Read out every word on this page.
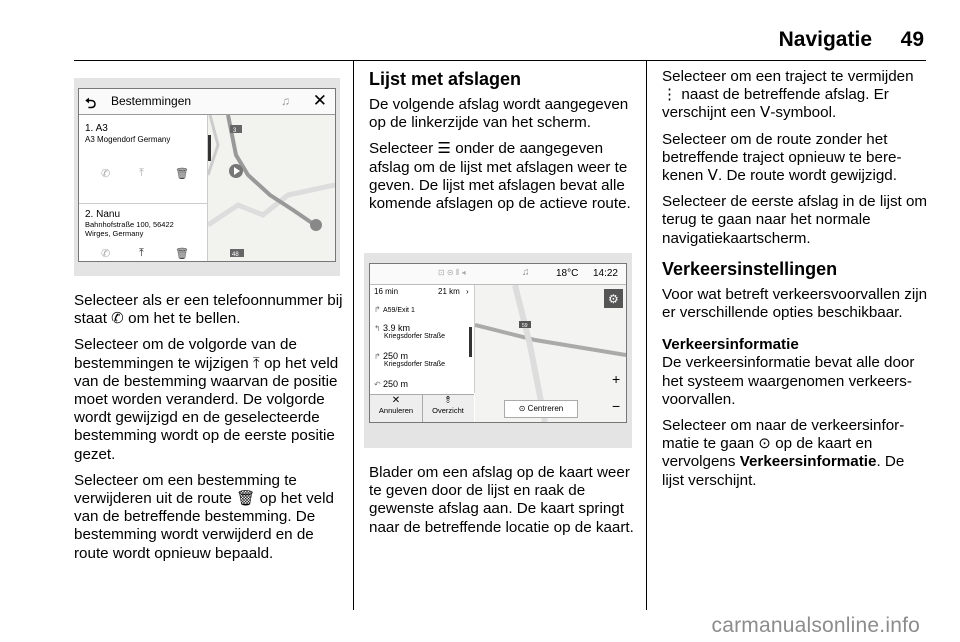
Navigatie 49
⮌ Bestemmingen	♫ ✕
1. A3
A3 Mogendorf Germany
✆	⤒	🗑
2. Nanu
Bahnhofstraße 100, 56422
Wirges, Germany
✆	⤒	🗑
3
48

Selecteer als er een telefoonnummer bij staat ✆ om het te bellen.

Selecteer om de volgorde van de bestemmingen te wijzigen ⤒ op het veld van de bestemming waarvan de positie moet worden veranderd. De volgorde wordt gewijzigd en de geselecteerde bestemming wordt op de eerste positie gezet.

Selecteer om een bestemming te verwijderen uit de route 🗑 op het veld van de betreffende bestemming. De bestemming wordt verwijderd en de route wordt opnieuw bepaald.

Lijst met afslagen

De volgende afslag wordt aangegeven op de linkerzijde van het scherm.

Selecteer ☰ onder de aangegeven afslag om de lijst met afslagen weer te geven. De lijst met afslagen bevat alle komende afslagen op de actieve route.

⊡ ⊝ ⦀ ◂	♫	18°C 14:22
16 min	21 km ›
↱ A59/Exit 1
↰ 3.9 km
Kriegsdorfer Straße
↱ 250 m
Kriegsdorfer Straße
↶ 250 m
59
⚙
+
−
✕
Annuleren
⥉
Overzicht	⊙ Centreren

Blader om een afslag op de kaart weer te geven door de lijst en raak de gewenste afslag aan. De kaart springt naar de betreffende locatie op de kaart.

Selecteer om een traject te vermijden ⋮ naast de betreffende afslag. Er verschijnt een ⴸ-symbool.

Selecteer om de route zonder het betreffende traject opnieuw te berekenen ⴸ. De route wordt gewijzigd.

Selecteer de eerste afslag in de lijst om terug te gaan naar het normale navigatiekaartscherm.

Verkeersinstellingen

Voor wat betreft verkeersvoorvallen zijn er verschillende opties beschikbaar.

Verkeersinformatie

De verkeersinformatie bevat alle door het systeem waargenomen verkeersvoorvallen.

Selecteer om naar de verkeersinformatie te gaan ⊙ op de kaart en vervolgens Verkeersinformatie. De lijst verschijnt.

carmanualsonline.info
